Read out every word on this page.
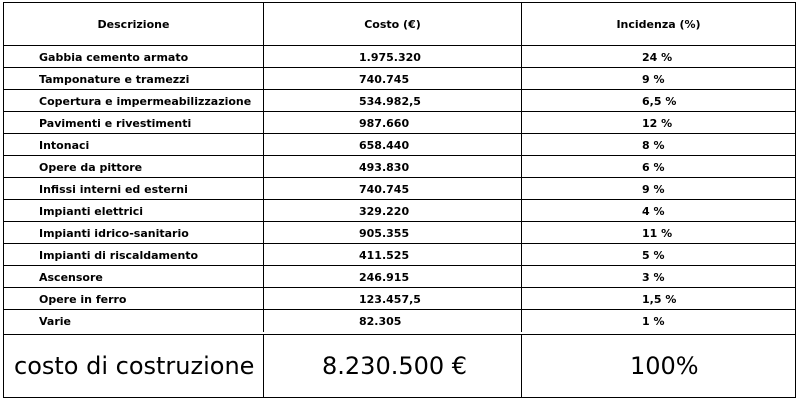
Descrizione	Costo (€)	Incidenza (%)
Gabbia cemento armato	1.975.320	24 %
Tamponature e tramezzi	740.745	9 %
Copertura e impermeabilizzazione	534.982,5	6,5 %
Pavimenti e rivestimenti	987.660	12 %
Intonaci	658.440	8 %
Opere da pittore	493.830	6 %
Infissi interni ed esterni	740.745	9 %
Impianti elettrici	329.220	4 %
Impianti idrico-sanitario	905.355	11 %
Impianti di riscaldamento	411.525	5 %
Ascensore	246.915	3 %
Opere in ferro	123.457,5	1,5 %
Varie	82.305	1 %
costo di costruzione	8.230.500 €	100%
